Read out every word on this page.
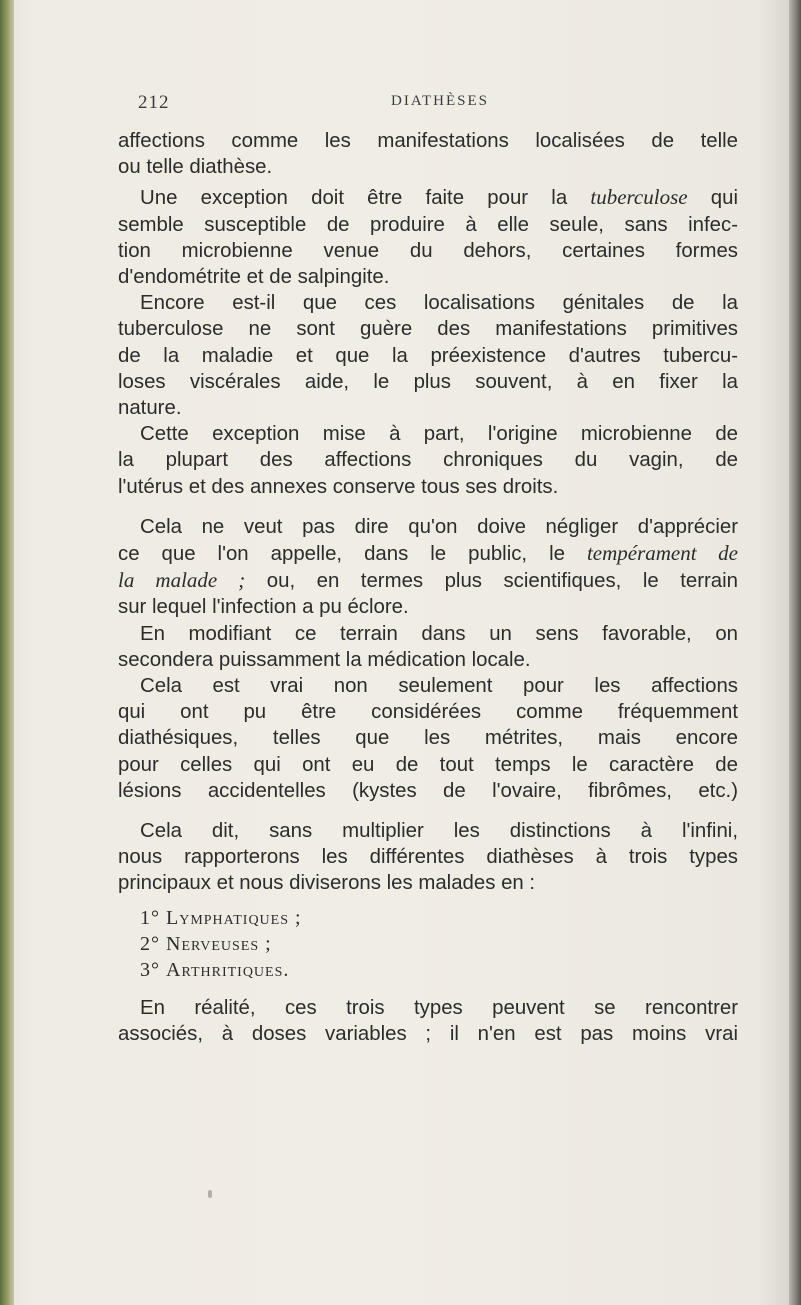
212	DIATHÈSES

affections comme les manifestations localisées de telle
ou telle diathèse.

Une exception doit être faite pour la tuberculose qui
semble susceptible de produire à elle seule, sans infec-
tion microbienne venue du dehors, certaines formes
d'endométrite et de salpingite.

Encore est-il que ces localisations génitales de la
tuberculose ne sont guère des manifestations primitives
de la maladie et que la préexistence d'autres tubercu-
loses viscérales aide, le plus souvent, à en fixer la
nature.

Cette exception mise à part, l'origine microbienne de
la plupart des affections chroniques du vagin, de
l'utérus et des annexes conserve tous ses droits.

Cela ne veut pas dire qu'on doive négliger d'apprécier
ce que l'on appelle, dans le public, le tempérament de
la malade ; ou, en termes plus scientifiques, le terrain
sur lequel l'infection a pu éclore.

En modifiant ce terrain dans un sens favorable, on
secondera puissamment la médication locale.

Cela est vrai non seulement pour les affections
qui ont pu être considérées comme fréquemment
diathésiques, telles que les métrites, mais encore
pour celles qui ont eu de tout temps le caractère de
lésions accidentelles (kystes de l'ovaire, fibrômes, etc.)

Cela dit, sans multiplier les distinctions à l'infini,
nous rapporterons les différentes diathèses à trois types
principaux et nous diviserons les malades en :

1° Lymphatiques ;
2° Nerveuses ;
3° Arthritiques.

En réalité, ces trois types peuvent se rencontrer
associés, à doses variables ; il n'en est pas moins vrai
